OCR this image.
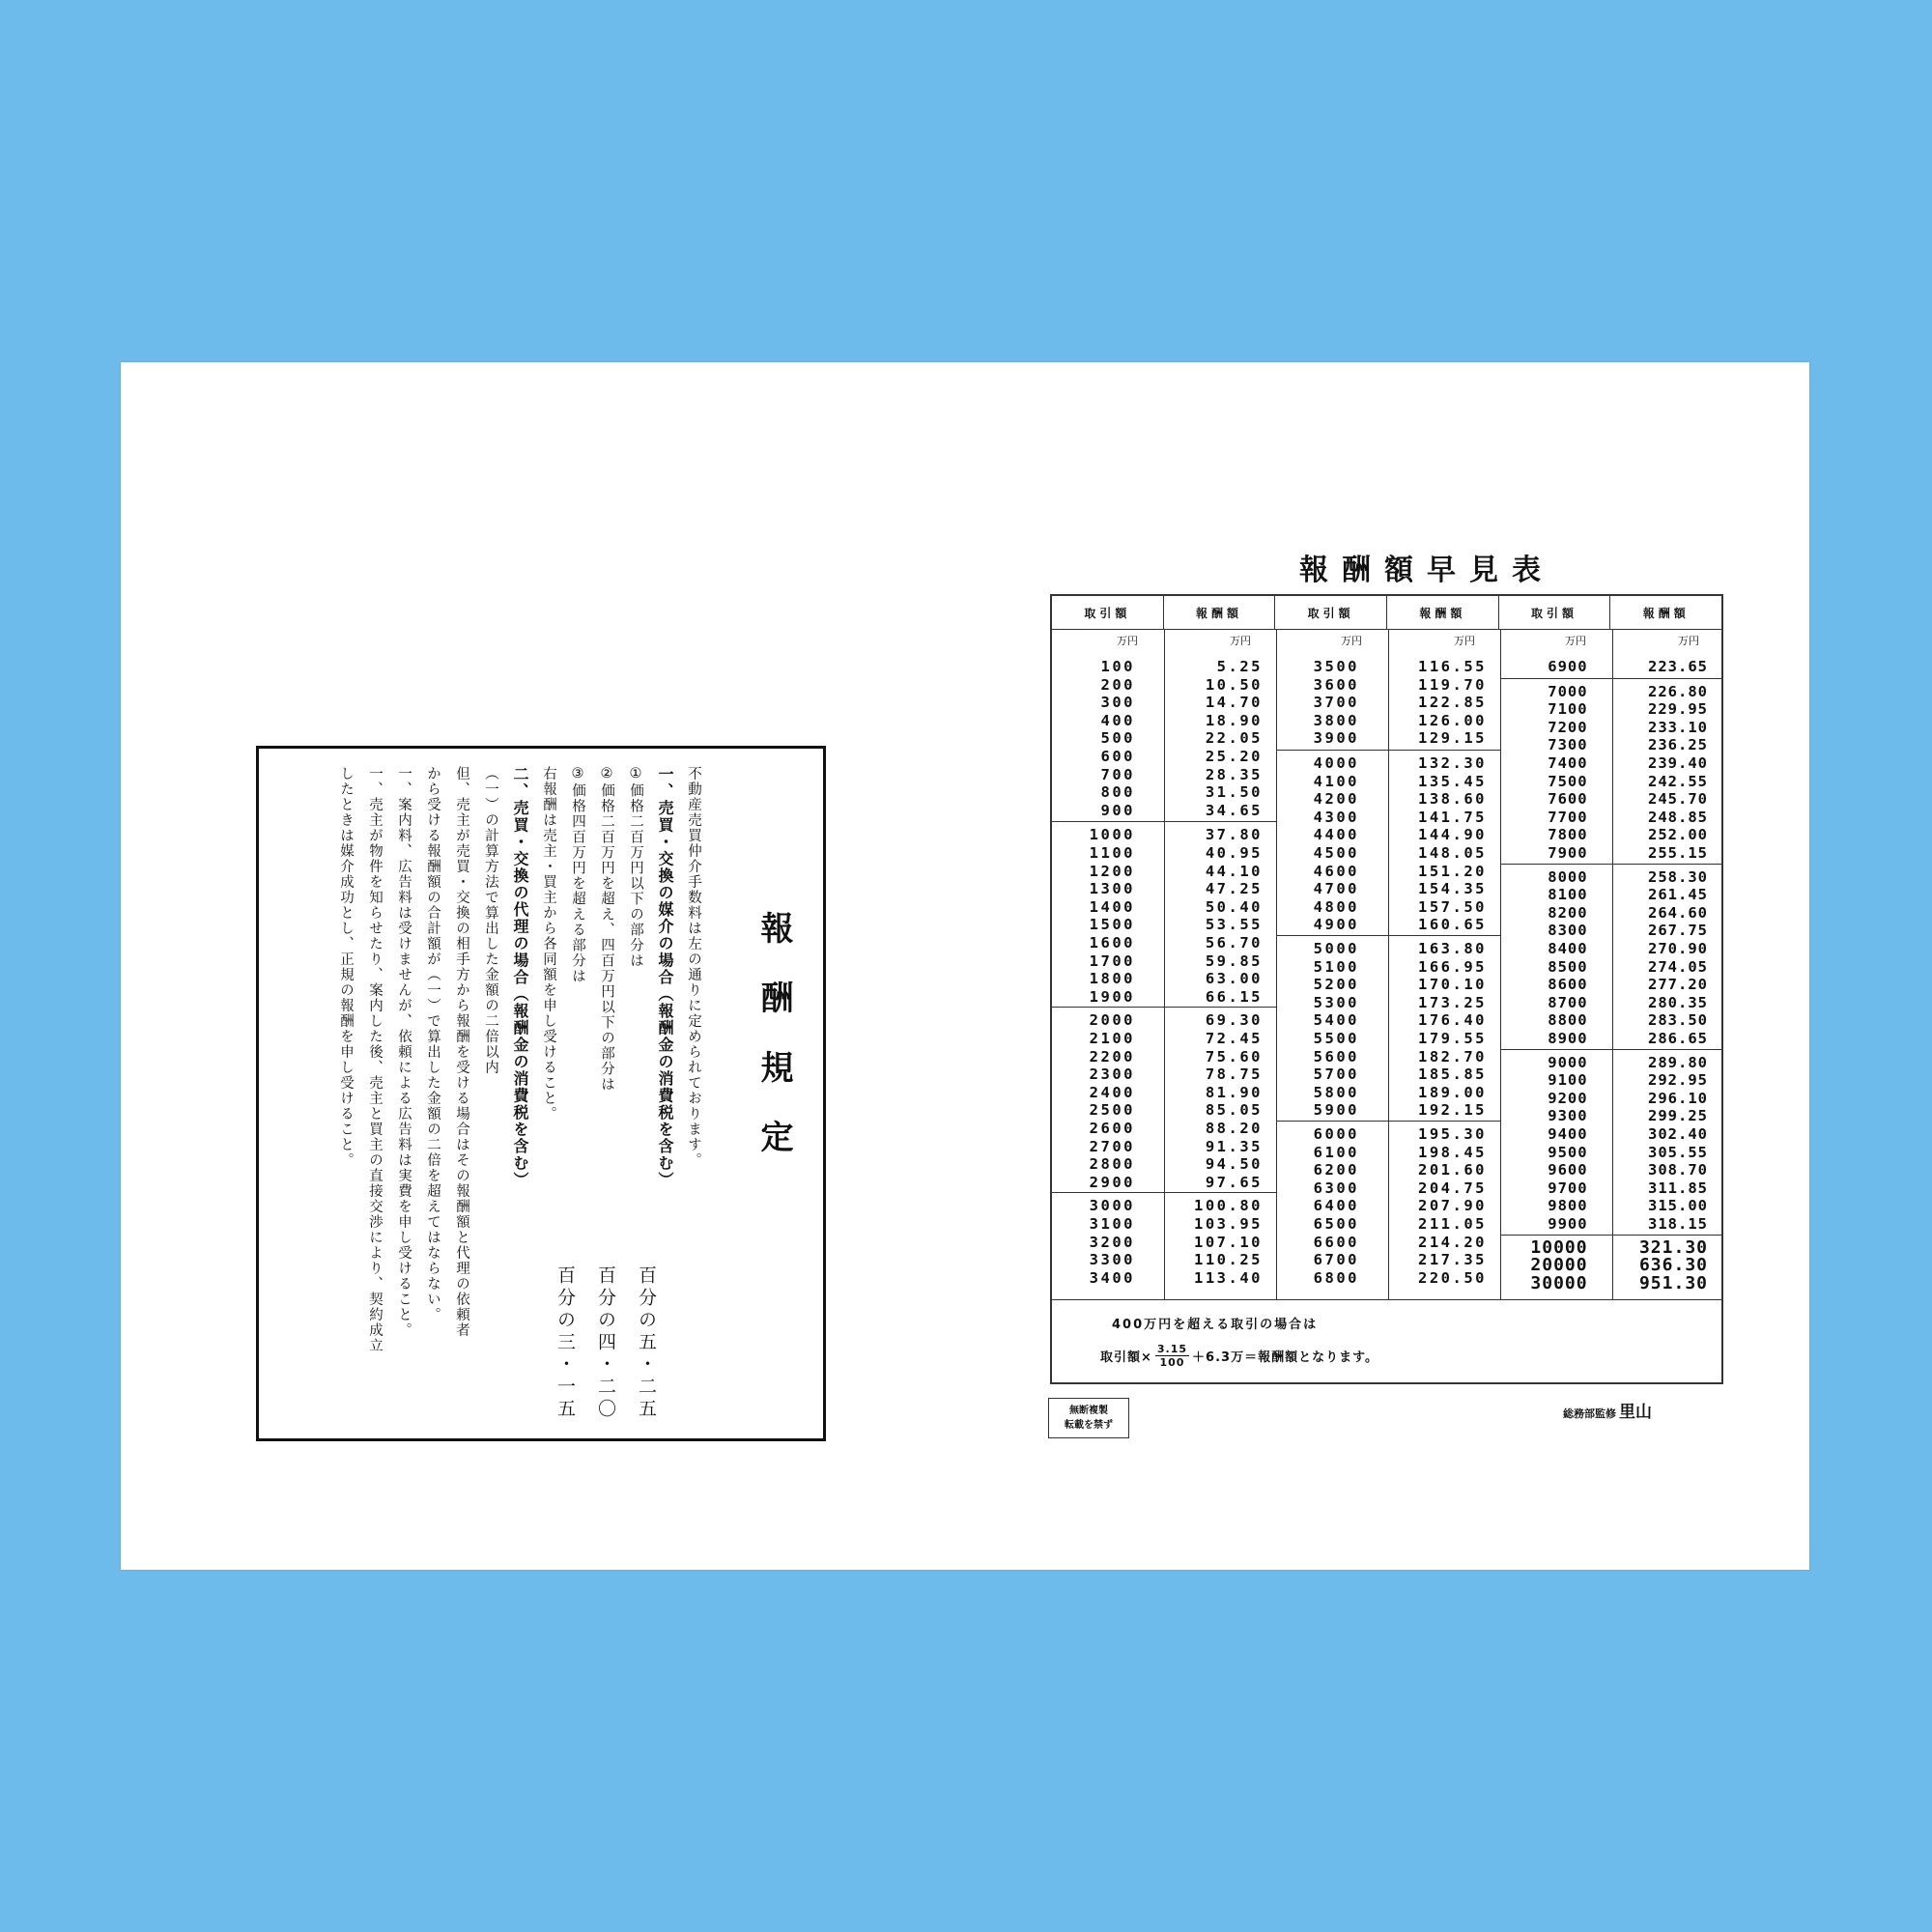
報酬規定
不動産売買仲介手数料は左の通りに定められております。
一、売買・交換の媒介の場合（報酬金の消費税を含む）
①価格二百万円以下の部分は
②価格二百万円を超え、四百万円以下の部分は
③価格四百万円を超える部分は
右報酬は売主・買主から各同額を申し受けること。
二、売買・交換の代理の場合（報酬金の消費税を含む）
（一）の計算方法で算出した金額の二倍以内
但、売主が売買・交換の相手方から報酬を受ける場合はその報酬額と代理の依頼者
から受ける報酬額の合計額が（一）で算出した金額の二倍を超えてはならない。
一、案内料、広告料は受けませんが、依頼による広告料は実費を申し受けること。
一、売主が物件を知らせたり、案内した後、売主と買主の直接交渉により、契約成立
したときは媒介成功とし、正規の報酬を申し受けること。
百分の五・二五
百分の四・二〇
百分の三・一五
報酬額早見表
取引額	報酬額	取引額	報酬額	取引額	報酬額
万円	万円
100	5.25
200	10.50
300	14.70
400	18.90
500	22.05
600	25.20
700	28.35
800	31.50
900	34.65
1000	37.80
1100	40.95
1200	44.10
1300	47.25
1400	50.40
1500	53.55
1600	56.70
1700	59.85
1800	63.00
1900	66.15
2000	69.30
2100	72.45
2200	75.60
2300	78.75
2400	81.90
2500	85.05
2600	88.20
2700	91.35
2800	94.50
2900	97.65
3000	100.80
3100	103.95
3200	107.10
3300	110.25
3400	113.40
万円	万円
3500	116.55
3600	119.70
3700	122.85
3800	126.00
3900	129.15
4000	132.30
4100	135.45
4200	138.60
4300	141.75
4400	144.90
4500	148.05
4600	151.20
4700	154.35
4800	157.50
4900	160.65
5000	163.80
5100	166.95
5200	170.10
5300	173.25
5400	176.40
5500	179.55
5600	182.70
5700	185.85
5800	189.00
5900	192.15
6000	195.30
6100	198.45
6200	201.60
6300	204.75
6400	207.90
6500	211.05
6600	214.20
6700	217.35
6800	220.50
万円	万円
6900	223.65
7000	226.80
7100	229.95
7200	233.10
7300	236.25
7400	239.40
7500	242.55
7600	245.70
7700	248.85
7800	252.00
7900	255.15
8000	258.30
8100	261.45
8200	264.60
8300	267.75
8400	270.90
8500	274.05
8600	277.20
8700	280.35
8800	283.50
8900	286.65
9000	289.80
9100	292.95
9200	296.10
9300	299.25
9400	302.40
9500	305.55
9600	308.70
9700	311.85
9800	315.00
9900	318.15
10000	321.30
20000	636.30
30000	951.30
400万円を超える取引の場合は
取引額× $\frac{3.15}{100} +6.3$万＝報酬額となります。
無断複製
転載を禁ず
総務部監修 里山
